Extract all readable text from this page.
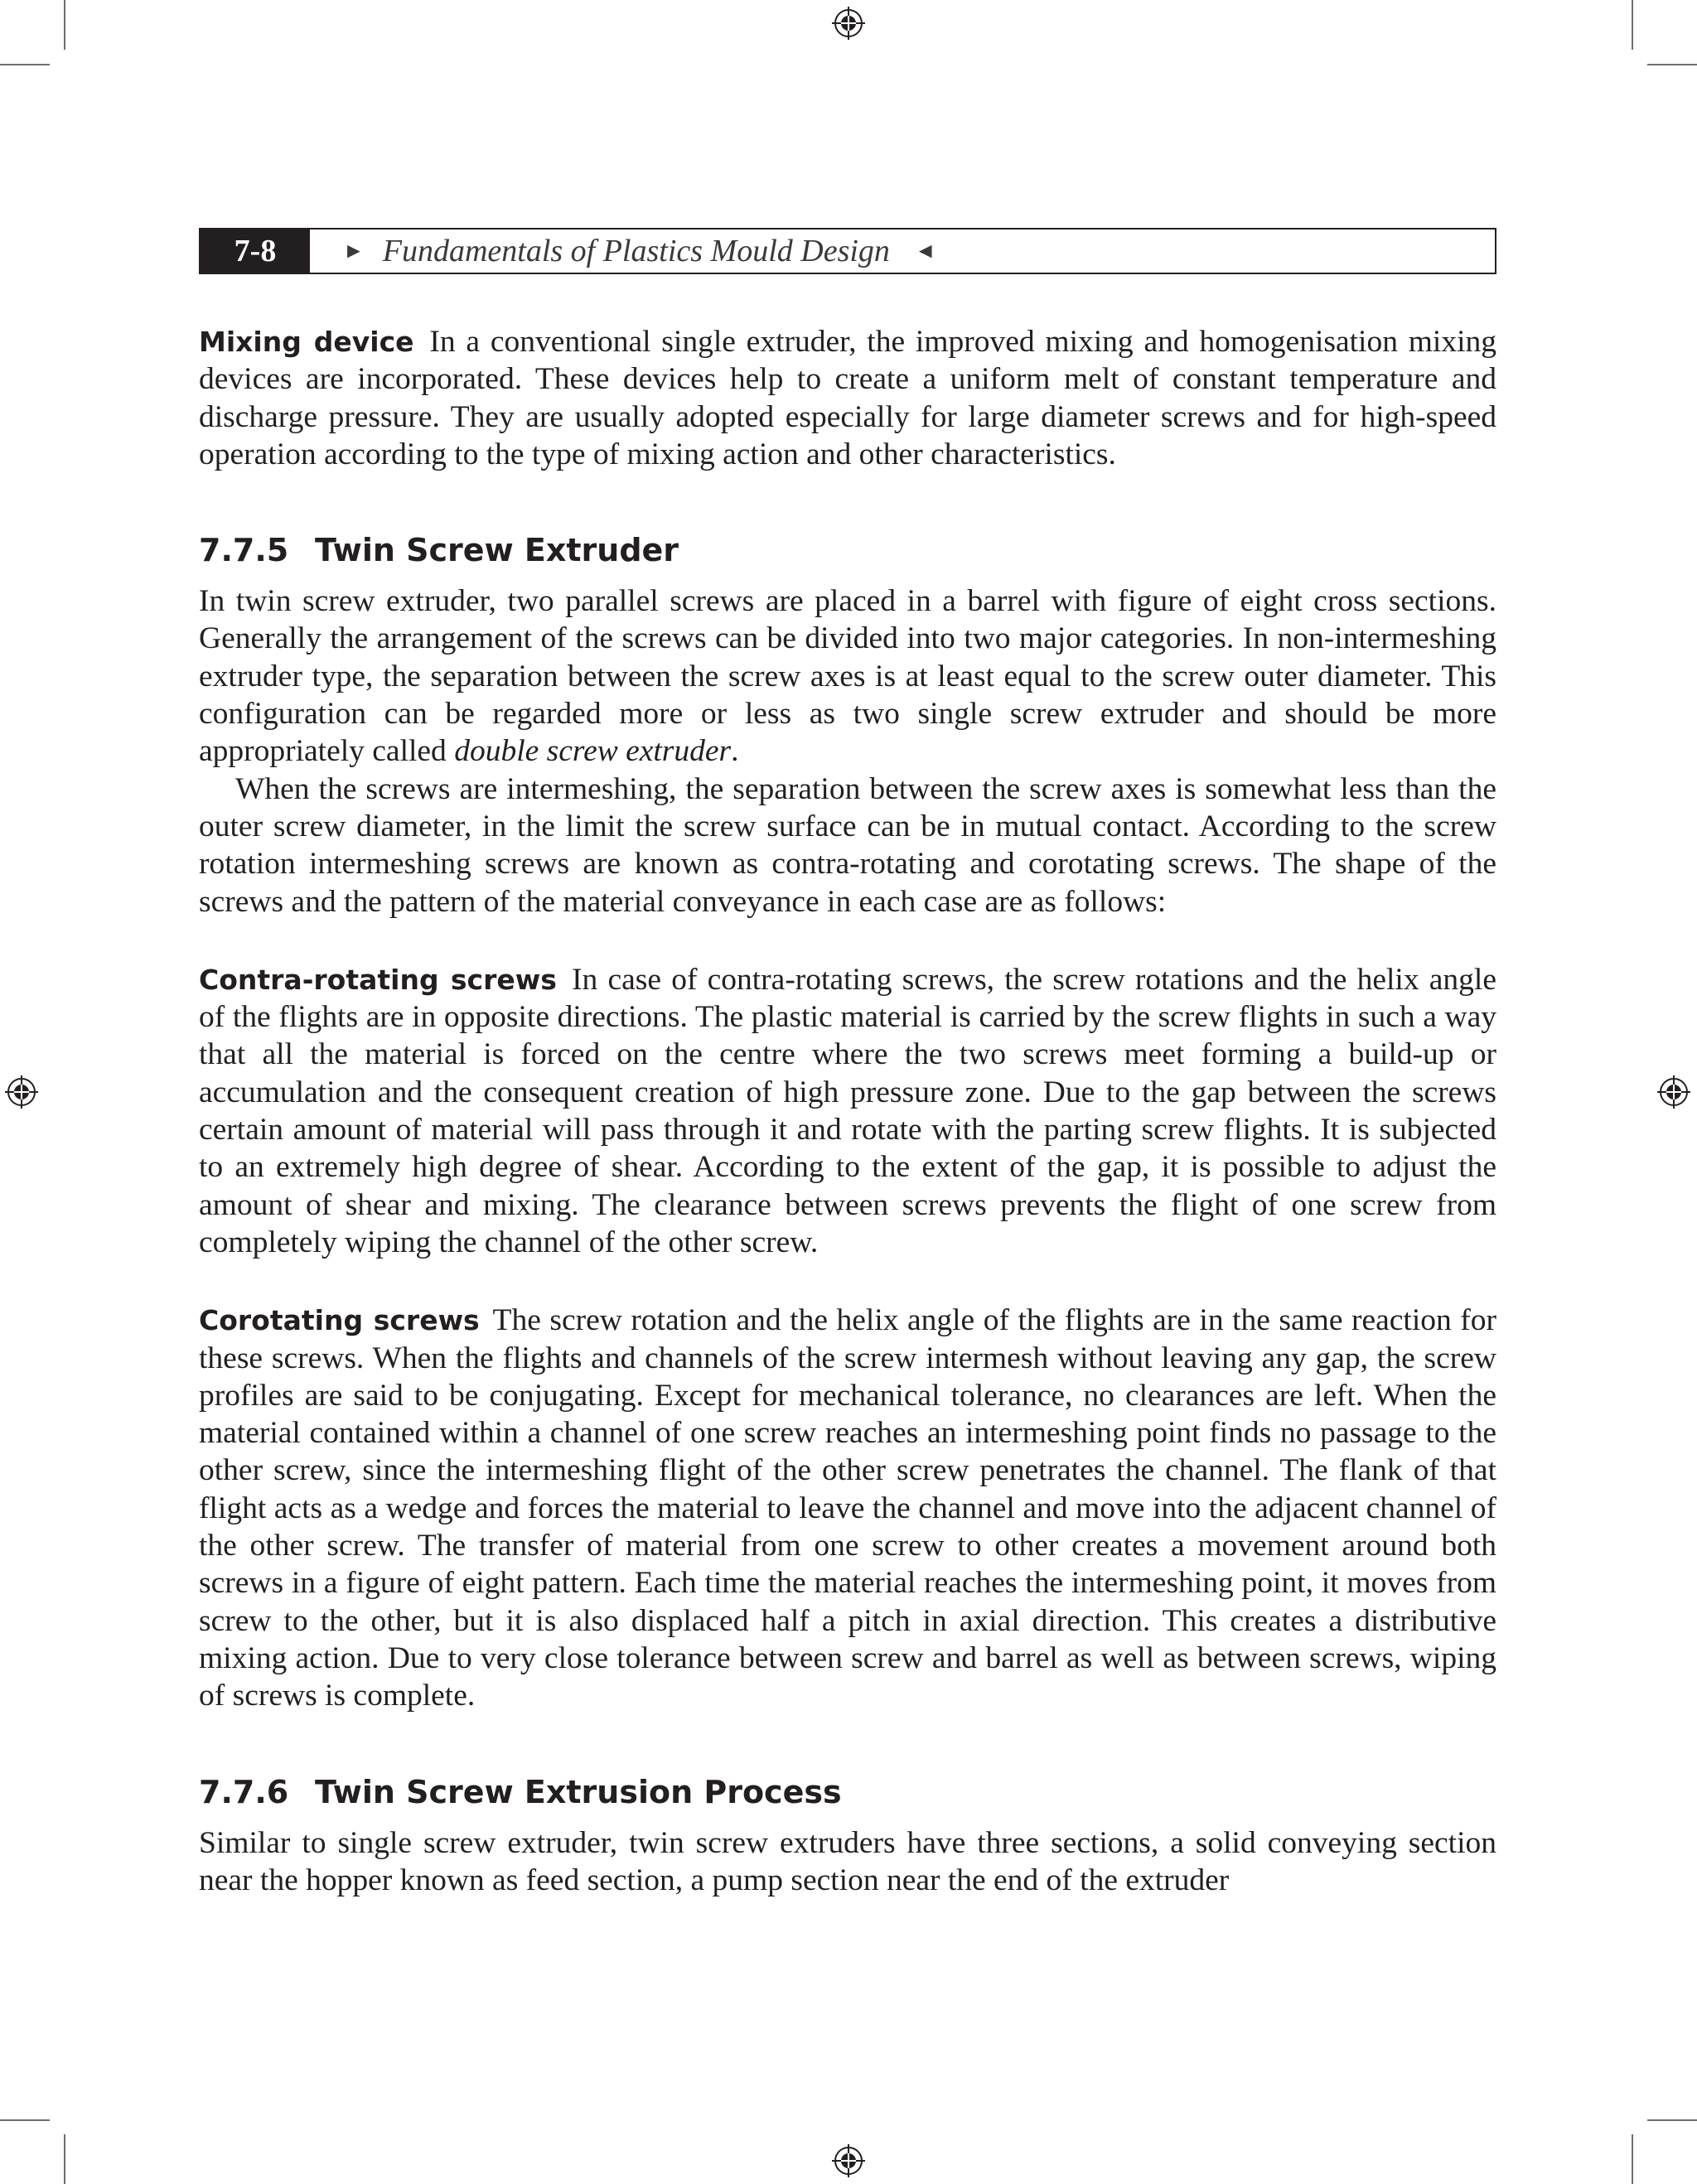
7-8	► Fundamentals of Plastics Mould Design ◄

Mixing device In a conventional single extruder, the improved mixing and homogenisation mixing devices are incorporated. These devices help to create a uniform melt of constant temperature and discharge pressure. They are usually adopted especially for large diameter screws and for high-speed operation according to the type of mixing action and other characteristics.

7.7.5 Twin Screw Extruder

In twin screw extruder, two parallel screws are placed in a barrel with figure of eight cross sections. Generally the arrangement of the screws can be divided into two major categories. In non-intermeshing extruder type, the separation between the screw axes is at least equal to the screw outer diameter. This configuration can be regarded more or less as two single screw extruder and should be more appropriately called double screw extruder.

When the screws are intermeshing, the separation between the screw axes is somewhat less than the outer screw diameter, in the limit the screw surface can be in mutual contact. According to the screw rotation intermeshing screws are known as contra-rotating and corotating screws. The shape of the screws and the pattern of the material conveyance in each case are as follows:

Contra-rotating screws In case of contra-rotating screws, the screw rotations and the helix angle of the flights are in opposite directions. The plastic material is carried by the screw flights in such a way that all the material is forced on the centre where the two screws meet forming a build-up or accumulation and the consequent creation of high pressure zone. Due to the gap between the screws certain amount of material will pass through it and rotate with the parting screw flights. It is subjected to an extremely high degree of shear. According to the extent of the gap, it is possible to adjust the amount of shear and mixing. The clearance between screws prevents the flight of one screw from completely wiping the channel of the other screw.

Corotating screws The screw rotation and the helix angle of the flights are in the same reaction for these screws. When the flights and channels of the screw intermesh without leaving any gap, the screw profiles are said to be conjugating. Except for mechanical tolerance, no clearances are left. When the material contained within a channel of one screw reaches an intermeshing point finds no passage to the other screw, since the intermeshing flight of the other screw penetrates the channel. The flank of that flight acts as a wedge and forces the material to leave the channel and move into the adjacent channel of the other screw. The transfer of material from one screw to other creates a movement around both screws in a figure of eight pattern. Each time the material reaches the intermeshing point, it moves from screw to the other, but it is also displaced half a pitch in axial direction. This creates a distributive mixing action. Due to very close tolerance between screw and barrel as well as between screws, wiping of screws is complete.

7.7.6 Twin Screw Extrusion Process

Similar to single screw extruder, twin screw extruders have three sections, a solid conveying section near the hopper known as feed section, a pump section near the end of the extruder
